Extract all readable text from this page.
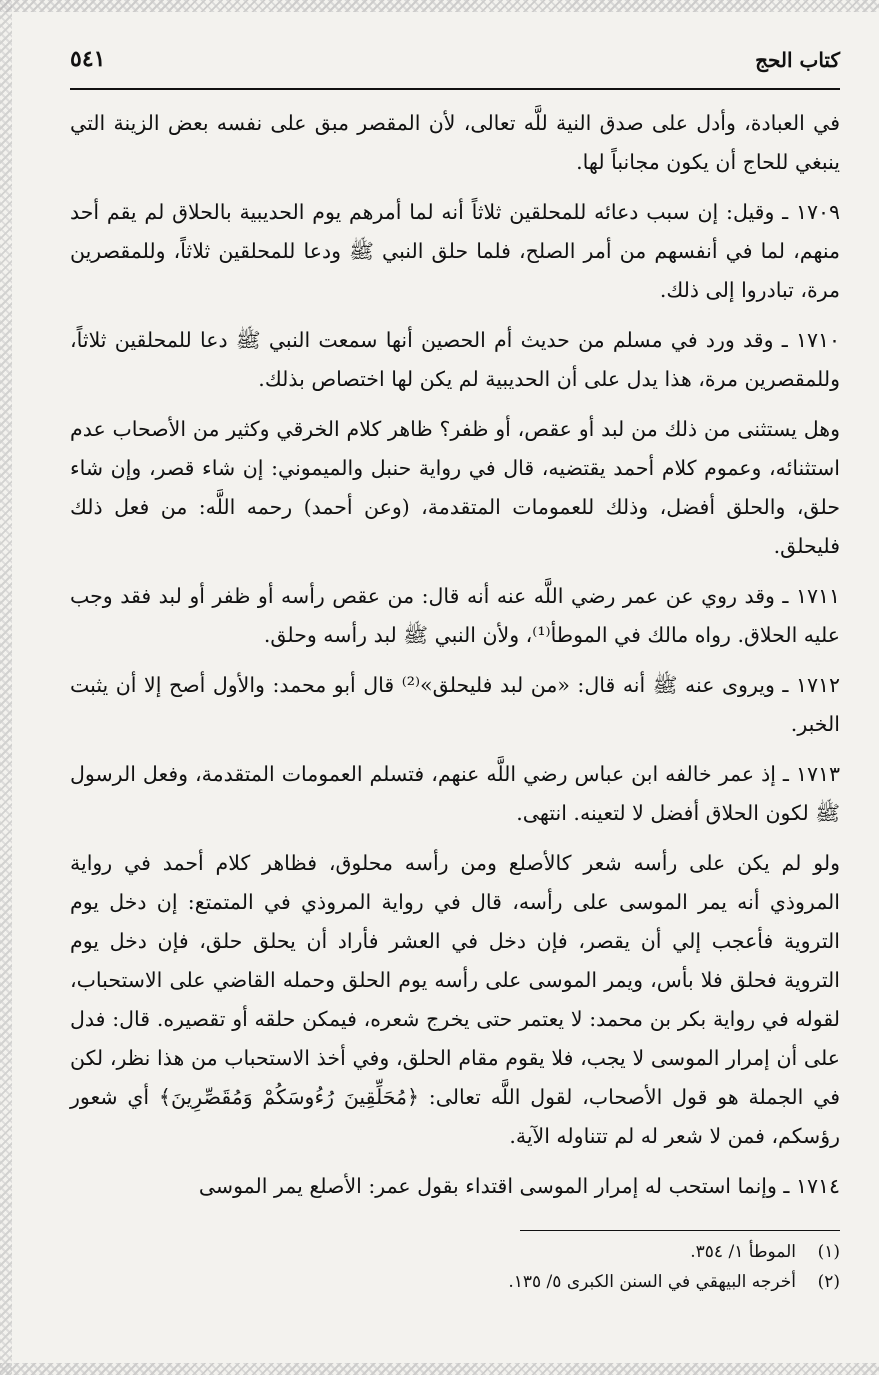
كتاب الحج
٥٤١

في العبادة، وأدل على صدق النية للَّه تعالى، لأن المقصر مبق على نفسه بعض الزينة التي ينبغي للحاج أن يكون مجانباً لها.

١٧٠٩ ـ وقيل: إن سبب دعائه للمحلقين ثلاثاً أنه لما أمرهم يوم الحديبية بالحلاق لم يقم أحد منهم، لما في أنفسهم من أمر الصلح، فلما حلق النبي ﷺ ودعا للمحلقين ثلاثاً، وللمقصرين مرة، تبادروا إلى ذلك.

١٧١٠ ـ وقد ورد في مسلم من حديث أم الحصين أنها سمعت النبي ﷺ دعا للمحلقين ثلاثاً، وللمقصرين مرة، هذا يدل على أن الحديبية لم يكن لها اختصاص بذلك.

وهل يستثنى من ذلك من لبد أو عقص، أو ظفر؟ ظاهر كلام الخرقي وكثير من الأصحاب عدم استثنائه، وعموم كلام أحمد يقتضيه، قال في رواية حنبل والميموني: إن شاء قصر، وإن شاء حلق، والحلق أفضل، وذلك للعمومات المتقدمة، (وعن أحمد) رحمه اللَّه: من فعل ذلك فليحلق.

١٧١١ ـ وقد روي عن عمر رضي اللَّه عنه أنه قال: من عقص رأسه أو ظفر أو لبد فقد وجب عليه الحلاق. رواه مالك في الموطأ⁽¹⁾، ولأن النبي ﷺ لبد رأسه وحلق.

١٧١٢ ـ ويروى عنه ﷺ أنه قال: «من لبد فليحلق»⁽²⁾ قال أبو محمد: والأول أصح إلا أن يثبت الخبر.

١٧١٣ ـ إذ عمر خالفه ابن عباس رضي اللَّه عنهم، فتسلم العمومات المتقدمة، وفعل الرسول ﷺ لكون الحلاق أفضل لا لتعينه. انتهى.

ولو لم يكن على رأسه شعر كالأصلع ومن رأسه محلوق، فظاهر كلام أحمد في رواية المروذي أنه يمر الموسى على رأسه، قال في رواية المروذي في المتمتع: إن دخل يوم التروية فأعجب إلي أن يقصر، فإن دخل في العشر فأراد أن يحلق حلق، فإن دخل يوم التروية فحلق فلا بأس، ويمر الموسى على رأسه يوم الحلق وحمله القاضي على الاستحباب، لقوله في رواية بكر بن محمد: لا يعتمر حتى يخرج شعره، فيمكن حلقه أو تقصيره. قال: فدل على أن إمرار الموسى لا يجب، فلا يقوم مقام الحلق، وفي أخذ الاستحباب من هذا نظر، لكن في الجملة هو قول الأصحاب، لقول اللَّه تعالى: ﴿مُحَلِّقِينَ رُءُوسَكُمْ وَمُقَصِّرِينَ﴾ أي شعور رؤسكم، فمن لا شعر له لم تتناوله الآية.

١٧١٤ ـ وإنما استحب له إمرار الموسى اقتداء بقول عمر: الأصلع يمر الموسى

(١)الموطأ ١/ ٣٥٤.
(٢)أخرجه البيهقي في السنن الكبرى ٥/ ١٣٥.
